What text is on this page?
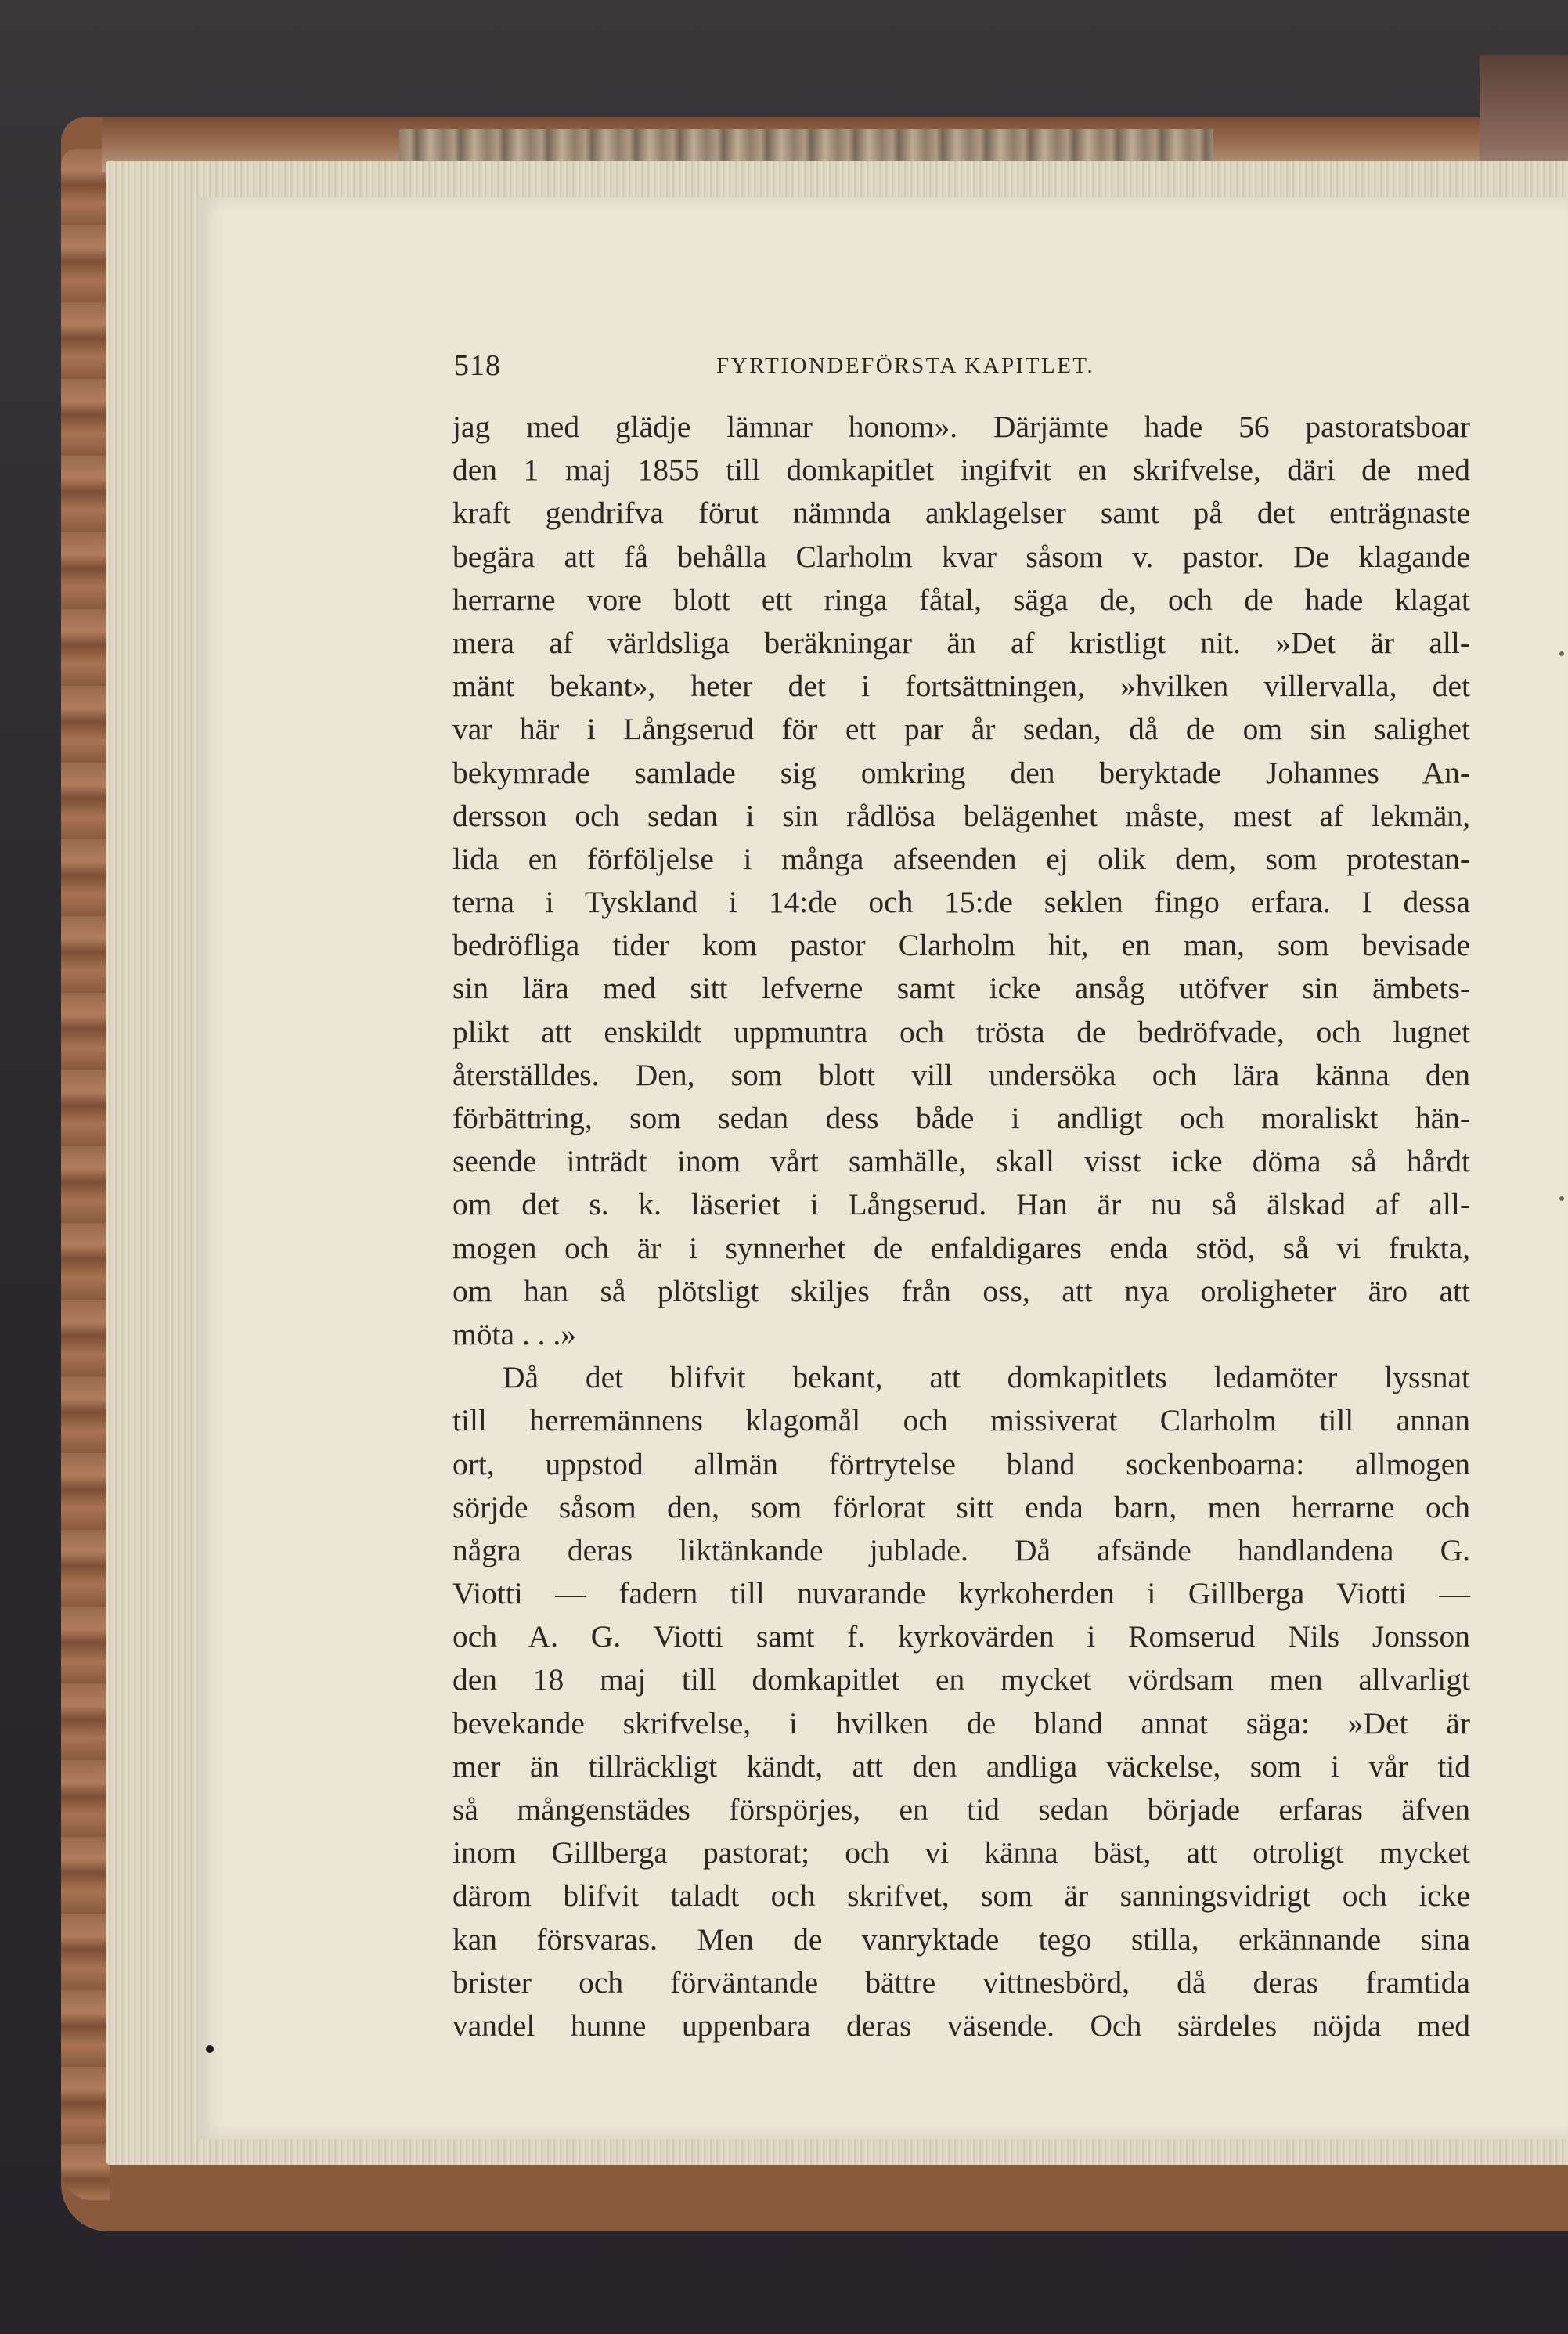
518	FYRTIONDEFÖRSTA KAPITLET.
jag med glädje lämnar honom». Därjämte hade 56 pastoratsboar
den 1 maj 1855 till domkapitlet ingifvit en skrifvelse, däri de med
kraft gendrifva förut nämnda anklagelser samt på det enträgnaste
begära att få behålla Clarholm kvar såsom v. pastor. De klagande
herrarne vore blott ett ringa fåtal, säga de, och de hade klagat
mera af världsliga beräkningar än af kristligt nit. »Det är all-
mänt bekant», heter det i fortsättningen, »hvilken villervalla, det
var här i Långserud för ett par år sedan, då de om sin salighet
bekymrade samlade sig omkring den beryktade Johannes An-
dersson och sedan i sin rådlösa belägenhet måste, mest af lekmän,
lida en förföljelse i många afseenden ej olik dem, som protestan-
terna i Tyskland i 14:de och 15:de seklen fingo erfara. I dessa
bedröfliga tider kom pastor Clarholm hit, en man, som bevisade
sin lära med sitt lefverne samt icke ansåg utöfver sin ämbets-
plikt att enskildt uppmuntra och trösta de bedröfvade, och lugnet
återställdes. Den, som blott vill undersöka och lära känna den
förbättring, som sedan dess både i andligt och moraliskt hän-
seende inträdt inom vårt samhälle, skall visst icke döma så hårdt
om det s. k. läseriet i Långserud. Han är nu så älskad af all-
mogen och är i synnerhet de enfaldigares enda stöd, så vi frukta,
om han så plötsligt skiljes från oss, att nya oroligheter äro att
möta . . .»
Då det blifvit bekant, att domkapitlets ledamöter lyssnat
till herremännens klagomål och missiverat Clarholm till annan
ort, uppstod allmän förtrytelse bland sockenboarna: allmogen
sörjde såsom den, som förlorat sitt enda barn, men herrarne och
några deras liktänkande jublade. Då afsände handlandena G.
Viotti — fadern till nuvarande kyrkoherden i Gillberga Viotti —
och A. G. Viotti samt f. kyrkovärden i Romserud Nils Jonsson
den 18 maj till domkapitlet en mycket vördsam men allvarligt
bevekande skrifvelse, i hvilken de bland annat säga: »Det är
mer än tillräckligt kändt, att den andliga väckelse, som i vår tid
så mångenstädes förspörjes, en tid sedan började erfaras äfven
inom Gillberga pastorat; och vi känna bäst, att otroligt mycket
därom blifvit taladt och skrifvet, som är sanningsvidrigt och icke
kan försvaras. Men de vanryktade tego stilla, erkännande sina
brister och förväntande bättre vittnesbörd, då deras framtida
vandel hunne uppenbara deras väsende. Och särdeles nöjda med
